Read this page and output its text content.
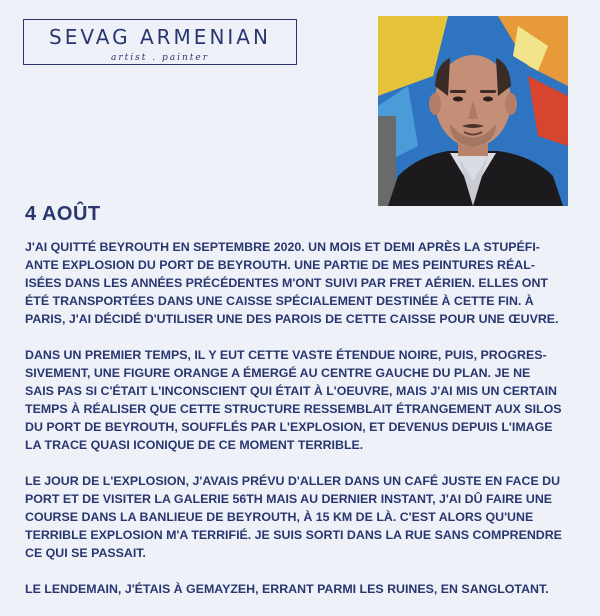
SEVAG ARMENIAN
artist . painter
4 AOÛT

J'AI QUITTÉ BEYROUTH EN SEPTEMBRE 2020. UN MOIS ET DEMI APRÈS LA STUPÉFI-
ANTE EXPLOSION DU PORT DE BEYROUTH. UNE PARTIE DE MES PEINTURES RÉAL-
ISÉES DANS LES ANNÉES PRÉCÉDENTES M'ONT SUIVI PAR FRET AÉRIEN. ELLES ONT
ÉTÉ TRANSPORTÉES DANS UNE CAISSE SPÉCIALEMENT DESTINÉE À CETTE FIN. À
PARIS, J'AI DÉCIDÉ D'UTILISER UNE DES PAROIS DE CETTE CAISSE POUR UNE ŒUVRE.

DANS UN PREMIER TEMPS, IL Y EUT CETTE VASTE ÉTENDUE NOIRE, PUIS, PROGRES-
SIVEMENT, UNE FIGURE ORANGE A ÉMERGÉ AU CENTRE GAUCHE DU PLAN. JE NE
SAIS PAS SI C'ÉTAIT L'INCONSCIENT QUI ÉTAIT À L'OEUVRE, MAIS J'AI MIS UN CERTAIN
TEMPS À RÉALISER QUE CETTE STRUCTURE RESSEMBLAIT ÉTRANGEMENT AUX SILOS
DU PORT DE BEYROUTH, SOUFFLÉS PAR L'EXPLOSION, ET DEVENUS DEPUIS L'IMAGE
LA TRACE QUASI ICONIQUE DE CE MOMENT TERRIBLE.

LE JOUR DE L'EXPLOSION, J'AVAIS PRÉVU D'ALLER DANS UN CAFÉ JUSTE EN FACE DU
PORT ET DE VISITER LA GALERIE 56TH MAIS AU DERNIER INSTANT, J'AI DÛ FAIRE UNE
COURSE DANS LA BANLIEUE DE BEYROUTH, À 15 KM DE LÀ. C'EST ALORS QU'UNE
TERRIBLE EXPLOSION M'A TERRIFIÉ. JE SUIS SORTI DANS LA RUE SANS COMPRENDRE
CE QUI SE PASSAIT.

LE LENDEMAIN, J'ÉTAIS À GEMAYZEH, ERRANT PARMI LES RUINES, EN SANGLOTANT.
